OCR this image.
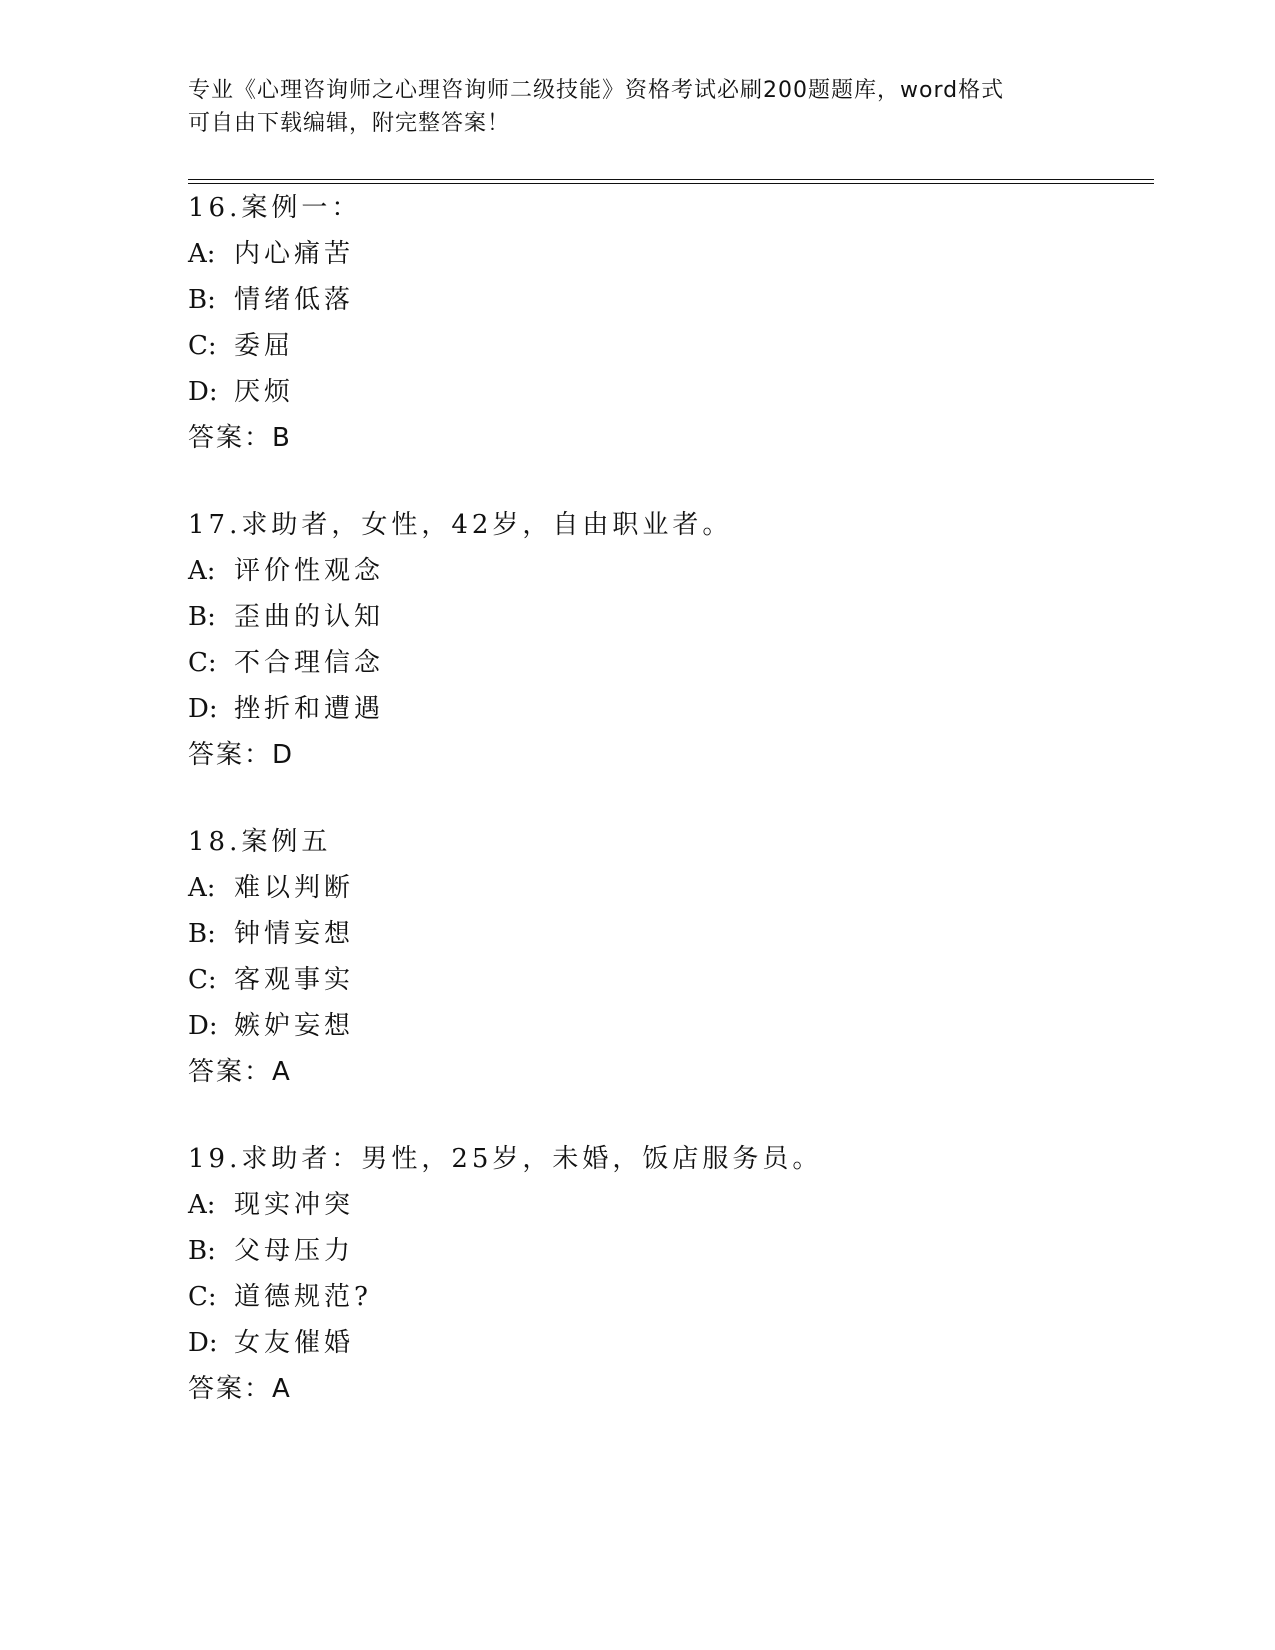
专业《心理咨询师之心理咨询师二级技能》资格考试必刷200题题库，word格式
可自由下载编辑，附完整答案！
16.案例一：
A: 内心痛苦
B: 情绪低落
C: 委屈
D: 厌烦
答案：B
17.求助者，女性，42岁，自由职业者。
A: 评价性观念
B: 歪曲的认知
C: 不合理信念
D: 挫折和遭遇
答案：D
18.案例五
A: 难以判断
B: 钟情妄想
C: 客观事实
D: 嫉妒妄想
答案：A
19.求助者：男性，25岁，未婚，饭店服务员。
A: 现实冲突
B: 父母压力
C: 道德规范?
D: 女友催婚
答案：A
